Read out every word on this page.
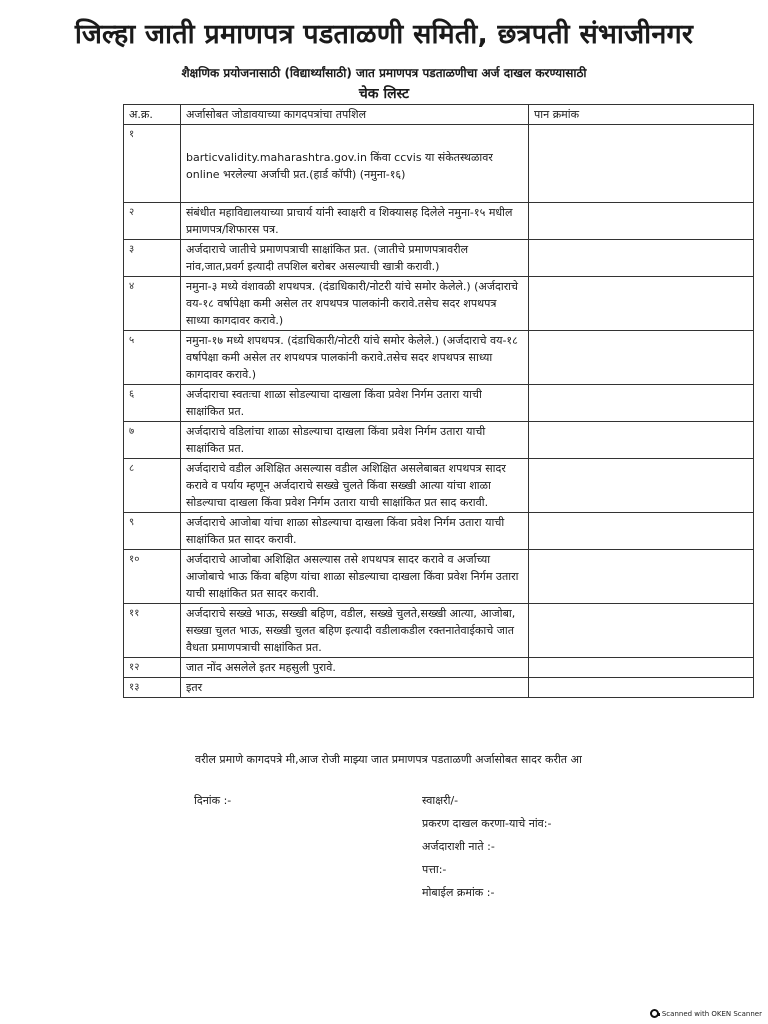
जिल्हा जाती प्रमाणपत्र पडताळणी समिती, छत्रपती संभाजीनगर
शैक्षणिक प्रयोजनासाठी (विद्यार्थ्यांसाठी) जात प्रमाणपत्र पडताळणीचा अर्ज दाखल करण्यासाठी
चेक लिस्ट
अ.क्र.	अर्जासोबत जोडावयाच्या कागदपत्रांचा तपशिल	पान क्रमांक
१	barticvalidity.maharashtra.gov.in किंवा ccvis या संकेतस्थळावर online भरलेल्या अर्जाची प्रत.(हार्ड कॉपी) (नमुना-१६)	
२	संबंधीत महाविद्यालयाच्या प्राचार्य यांनी स्वाक्षरी व शिक्यासह दिलेले नमुना-१५ मधील प्रमाणपत्र/शिफारस पत्र.	
३	अर्जदाराचे जातीचे प्रमाणपत्राची साक्षांकित प्रत. (जातीचे प्रमाणपत्रावरील नांव,जात,प्रवर्ग इत्यादी तपशिल बरोबर असल्याची खात्री करावी.)	
४	नमुना-३ मध्ये वंशावळी शपथपत्र. (दंडाधिकारी/नोटरी यांचे समोर केलेले.) (अर्जदाराचे वय-१८ वर्षापेक्षा कमी असेल तर शपथपत्र पालकांनी करावे.तसेच सदर शपथपत्र साध्या कागदावर करावे.)	
५	नमुना-१७ मध्ये शपथपत्र. (दंडाधिकारी/नोटरी यांचे समोर केलेले.) (अर्जदाराचे वय-१८ वर्षापेक्षा कमी असेल तर शपथपत्र पालकांनी करावे.तसेच सदर शपथपत्र साध्या कागदावर करावे.)	
६	अर्जदाराचा स्वतःचा शाळा सोडल्याचा दाखला किंवा प्रवेश निर्गम उतारा याची साक्षांकित प्रत.	
७	अर्जदाराचे वडिलांचा शाळा सोडल्याचा दाखला किंवा प्रवेश निर्गम उतारा याची साक्षांकित प्रत.	
८	अर्जदाराचे वडील अशिक्षित असल्यास वडील अशिक्षित असलेबाबत शपथपत्र सादर करावे व पर्याय म्हणून अर्जदाराचे सख्खे चुलते किंवा सख्खी आत्या यांचा शाळा सोडल्याचा दाखला किंवा प्रवेश निर्गम उतारा याची साक्षांकित प्रत साद करावी.	
९	अर्जदाराचे आजोबा यांचा शाळा सोडल्याचा दाखला किंवा प्रवेश निर्गम उतारा याची साक्षांकित प्रत सादर करावी.	
१०	अर्जदाराचे आजोबा अशिक्षित असल्यास तसे शपथपत्र सादर करावे व अर्जाच्या आजोबाचे भाऊ किंवा बहिण यांचा शाळा सोडल्याचा दाखला किंवा प्रवेश निर्गम उतारा याची साक्षांकित प्रत सादर करावी.	
११	अर्जदाराचे सख्खे भाऊ, सख्खी बहिण, वडील, सख्खे चुलते,सख्खी आत्या, आजोबा, सख्खा चुलत भाऊ, सख्खी चुलत बहिण इत्यादी वडीलाकडील रक्तनातेवाईकाचे जात वैधता प्रमाणपत्राची साक्षांकित प्रत.	
१२	जात नोंद असलेले इतर महसुली पुरावे.	
१३	इतर	
वरील प्रमाणे कागदपत्रे मी,आज रोजी माझ्या जात प्रमाणपत्र पडताळणी अर्जासोबत सादर करीत आ
दिनांक :-	स्वाक्षरी/-
प्रकरण दाखल करणा-याचे नांव:-
अर्जदाराशी नाते :-
पत्ता:-
मोबाईल क्रमांक :-
Scanned with OKEN Scanner
